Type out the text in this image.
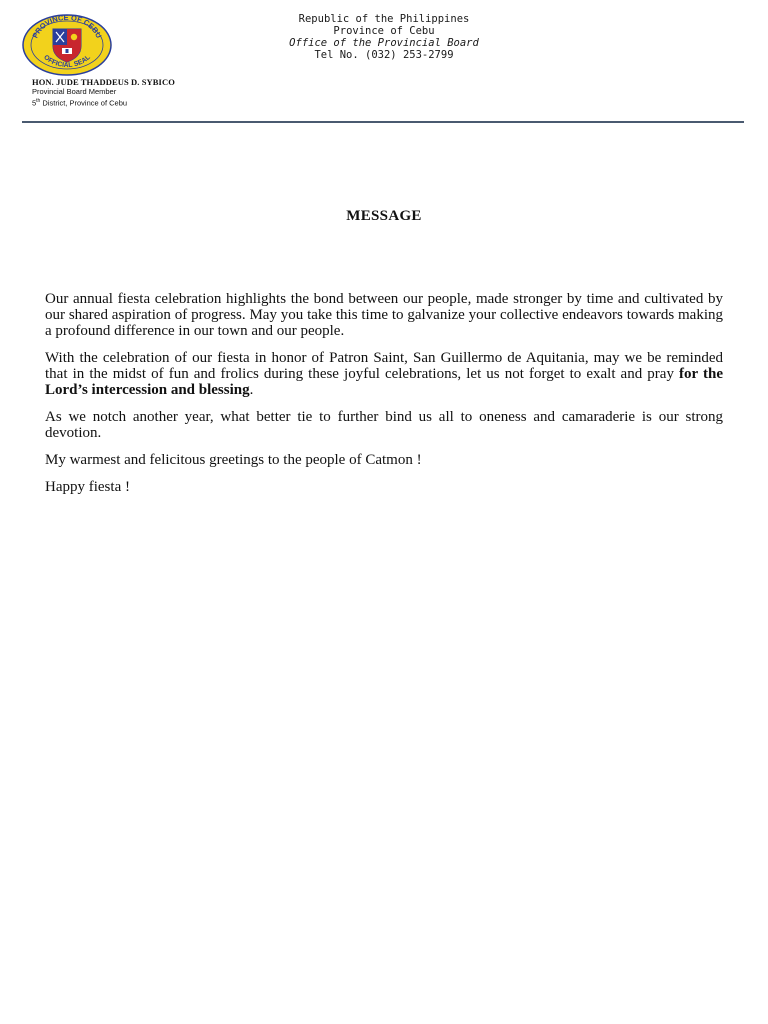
PROVINCE OF CEBU
OFFICIAL SEAL
Republic of the Philippines
Province of Cebu
Office of the Provincial Board
Tel No. (032) 253-2799
HON. JUDE THADDEUS D. SYBICO
Provincial Board Member
5th District, Province of Cebu
MESSAGE

Our annual fiesta celebration highlights the bond between our people, made stronger by time and cultivated by our shared aspiration of progress. May you take this time to galvanize your collective endeavors towards making a profound difference in our town and our people.

With the celebration of our fiesta in honor of Patron Saint, San Guillermo de Aquitania, may we be reminded that in the midst of fun and frolics during these joyful celebrations, let us not forget to exalt and pray for the Lord’s intercession and blessing.

As we notch another year, what better tie to further bind us all to oneness and camaraderie is our strong devotion.

My warmest and felicitous greetings to the people of Catmon !

Happy fiesta !
